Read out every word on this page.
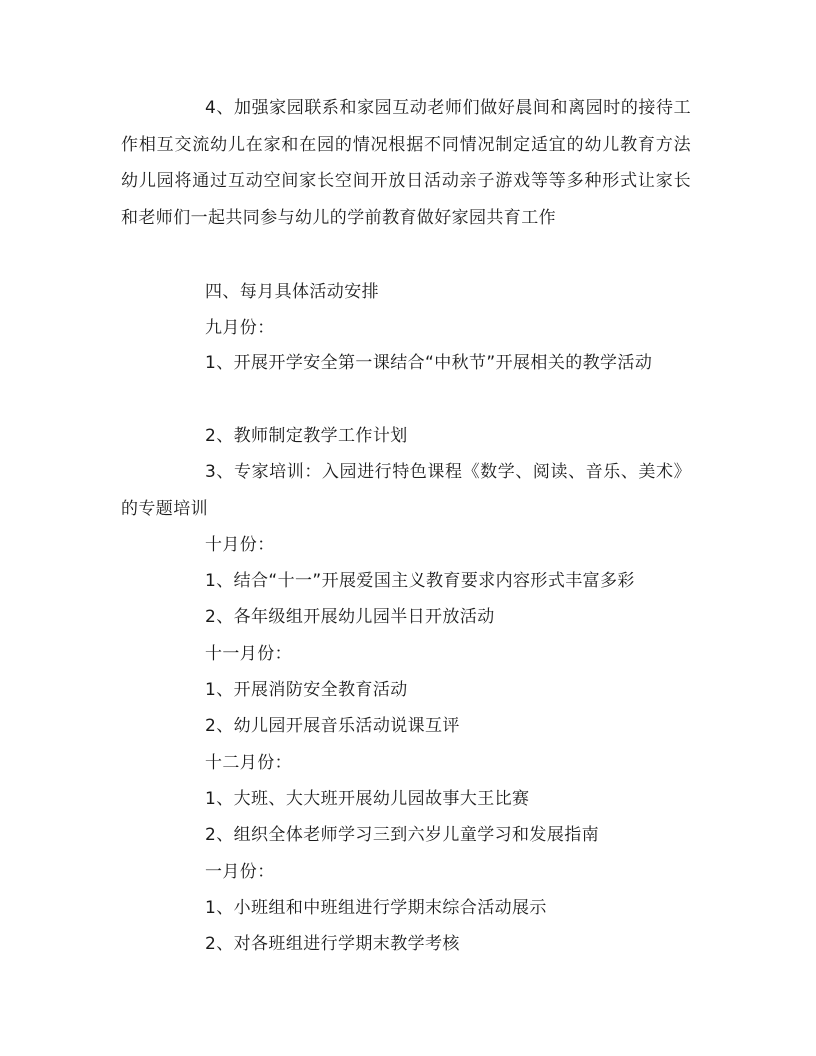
4、加强家园联系和家园互动老师们做好晨间和离园时的接待工作相互交流幼儿在家和在园的情况根据不同情况制定适宜的幼儿教育方法幼儿园将通过互动空间家长空间开放日活动亲子游戏等等多种形式让家长和老师们一起共同参与幼儿的学前教育做好家园共育工作
四、每月具体活动安排
九月份：
1、开展开学安全第一课结合“中秋节”开展相关的教学活动
2、教师制定教学工作计划
3、专家培训：入园进行特色课程《数学、阅读、音乐、美术》的专题培训
十月份：
1、结合“十一”开展爱国主义教育要求内容形式丰富多彩
2、各年级组开展幼儿园半日开放活动
十一月份：
1、开展消防安全教育活动
2、幼儿园开展音乐活动说课互评
十二月份：
1、大班、大大班开展幼儿园故事大王比赛
2、组织全体老师学习三到六岁儿童学习和发展指南
一月份：
1、小班组和中班组进行学期末综合活动展示
2、对各班组进行学期末教学考核
